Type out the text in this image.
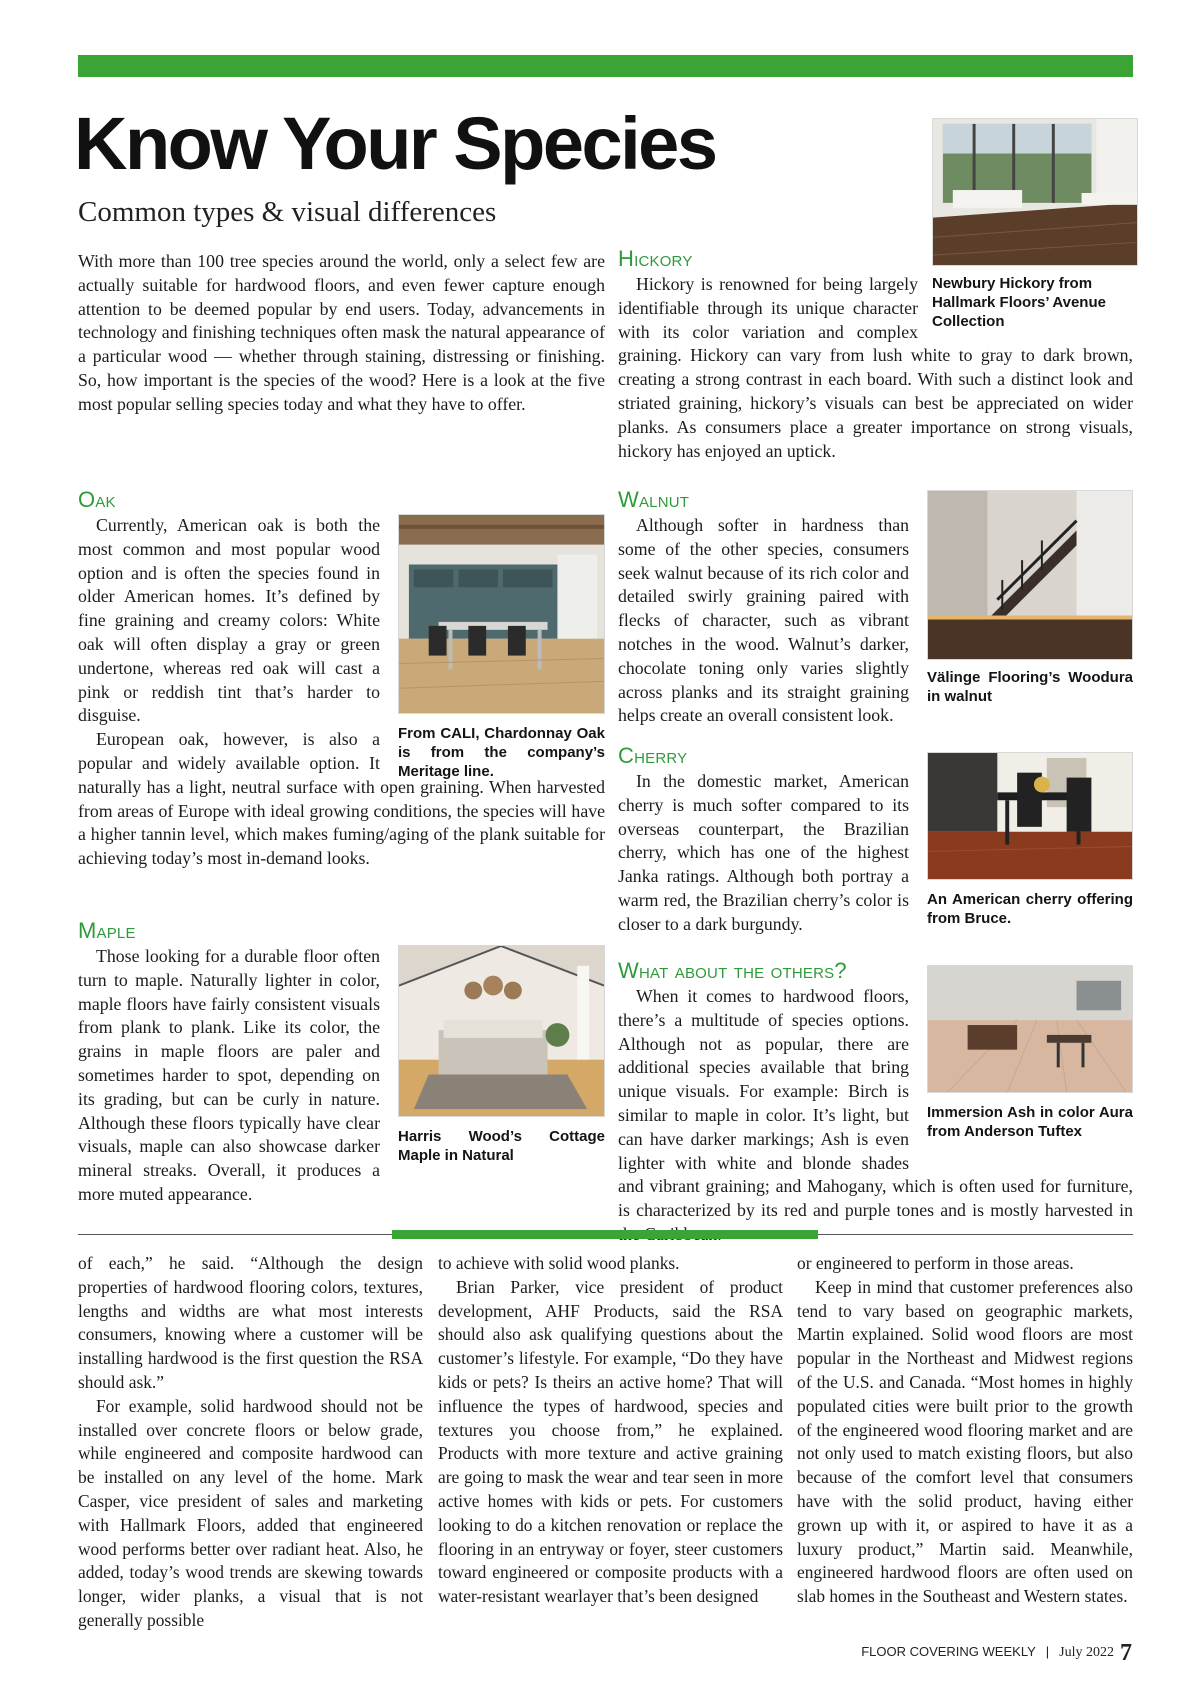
Know Your Species
Common types & visual differences

With more than 100 tree species around the world, only a select few are actually suitable for hardwood floors, and even fewer capture enough attention to be deemed popular by end users. Today, advancements in technology and finishing techniques often mask the natural appearance of a particular wood — whether through staining, distressing or finishing. So, how important is the species of the wood? Here is a look at the five most popular selling species today and what they have to offer.

Oak
From CALI, Chardonnay Oak is from the company’s Meritage line.

Currently, American oak is both the most common and most popular wood option and is often the species found in older American homes. It’s defined by fine graining and creamy colors: White oak will often display a gray or green undertone, whereas red oak will cast a pink or reddish tint that’s harder to disguise.

European oak, however, is also a popular and widely available option. It naturally has a light, neutral surface with open graining. When harvested from areas of Europe with ideal growing conditions, the species will have a higher tannin level, which makes fuming/aging of the plank suitable for achieving today’s most in-demand looks.

Maple
Harris Wood’s Cottage Maple in Natural

Those looking for a durable floor often turn to maple. Naturally lighter in color, maple floors have fairly consistent visuals from plank to plank. Like its color, the grains in maple floors are paler and sometimes harder to spot, depending on its grading, but can be curly in nature. Although these floors typically have clear visuals, maple can also showcase darker mineral streaks. Overall, it produces a more muted appearance.

Newbury Hickory from Hallmark Floors’ Avenue Collection
Hickory

Hickory is renowned for being largely identifiable through its unique character with its color variation and complex graining. Hickory can vary from lush white to gray to dark brown, creating a strong contrast in each board. With such a distinct look and striated graining, hickory’s visuals can best be appreciated on wider planks. As consumers place a greater importance on strong visuals, hickory has enjoyed an uptick.

Walnut
Välinge Flooring’s Woodura in walnut

Although softer in hardness than some of the other species, consumers seek walnut because of its rich color and detailed swirly graining paired with flecks of character, such as vibrant notches in the wood. Walnut’s darker, chocolate toning only varies slightly across planks and its straight graining helps create an overall consistent look.

Cherry
An American cherry offering from Bruce.

In the domestic market, American cherry is much softer compared to its overseas counterpart, the Brazilian cherry, which has one of the highest Janka ratings. Although both portray a warm red, the Brazilian cherry’s color is closer to a dark burgundy.

What about the others?
Immersion Ash in color Aura from Anderson Tuftex

When it comes to hardwood floors, there’s a multitude of species options. Although not as popular, there are additional species available that bring unique visuals. For example: Birch is similar to maple in color. It’s light, but can have darker markings; Ash is even lighter with white and blonde shades and vibrant graining; and Mahogany, which is often used for furniture, is characterized by its red and purple tones and is mostly harvested in

of each,” he said. “Although the design properties of hardwood flooring colors, textures, lengths and widths are what most interests consumers, knowing where a customer will be installing hardwood is the first question the RSA should ask.”

For example, solid hardwood should not be installed over concrete floors or below grade, while engineered and composite hardwood can be installed on any level of the home. Mark Casper, vice president of sales and marketing with Hallmark Floors, added that engineered wood performs better over radiant heat. Also, he added, today’s wood trends are skewing towards longer, wider planks, a visual that is not generally possible

to achieve with solid wood planks.

Brian Parker, vice president of product development, AHF Products, said the RSA should also ask qualifying questions about the customer’s lifestyle. For example, “Do they have kids or pets? Is theirs an active home? That will influence the types of hardwood, species and textures you choose from,” he explained. Products with more texture and active graining are going to mask the wear and tear seen in more active homes with kids or pets. For customers looking to do a kitchen renovation or replace the flooring in an entryway or foyer, steer customers toward engineered or composite products with a water-resistant wearlayer that’s been designed

or engineered to perform in those areas.

Keep in mind that customer preferences also tend to vary based on geographic markets, Martin explained. Solid wood floors are most popular in the Northeast and Midwest regions of the U.S. and Canada. “Most homes in highly populated cities were built prior to the growth of the engineered wood flooring market and are not only used to match existing floors, but also because of the comfort level that consumers have with the solid product, having either grown up with it, or aspired to have it as a luxury product,” Martin said. Meanwhile, engineered hardwood floors are often used on slab homes in the Southeast and Western states.

FLOOR COVERING WEEKLY | July 2022 7
